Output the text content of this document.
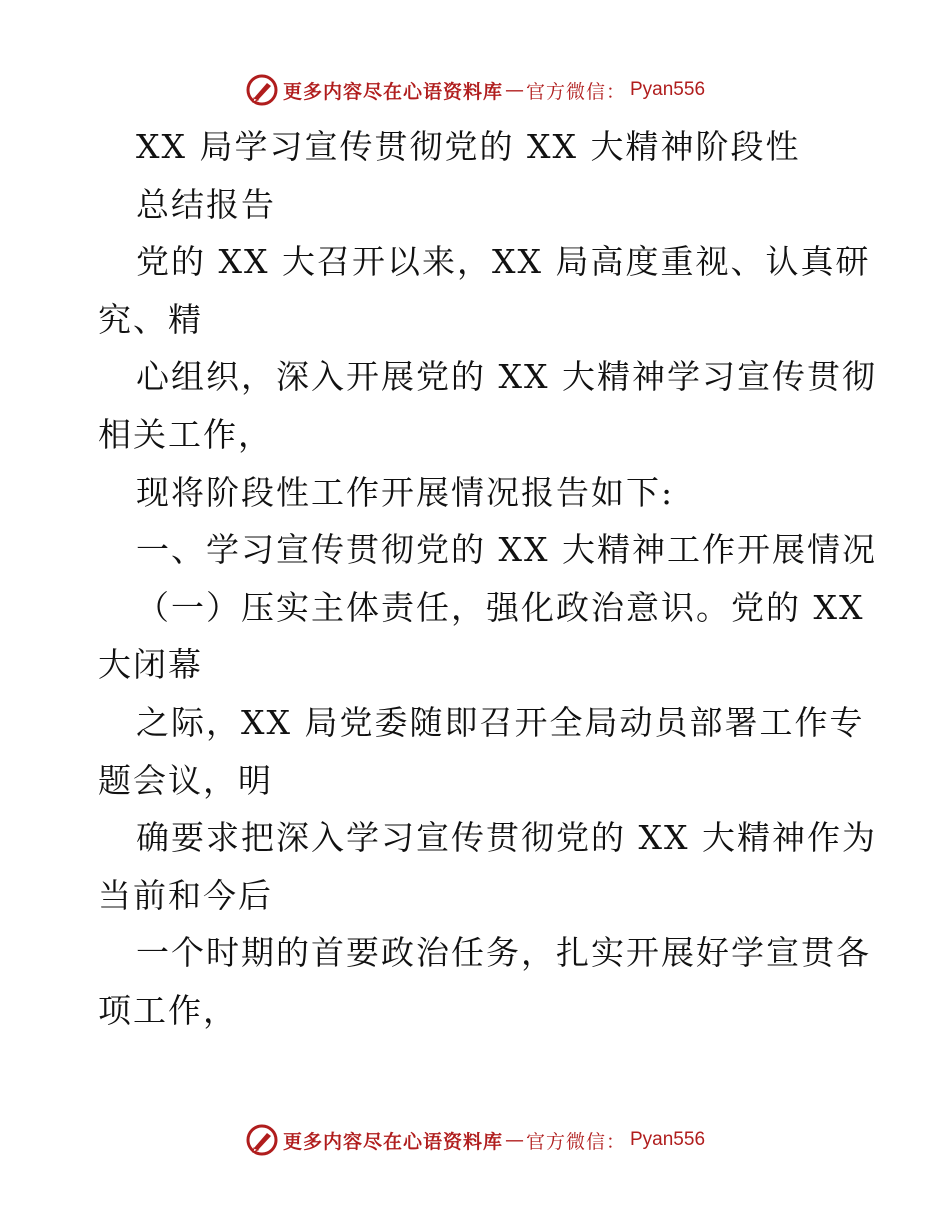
更多内容尽在心语资料库 — 官方微信： Pyan556
XX 局学习宣传贯彻党的 XX 大精神阶段性
总结报告
党的 XX 大召开以来，XX 局高度重视、认真研
究、精
心组织，深入开展党的 XX 大精神学习宣传贯彻
相关工作，
现将阶段性工作开展情况报告如下:
一、学习宣传贯彻党的 XX 大精神工作开展情况
（一）压实主体责任，强化政治意识。党的 XX
大闭幕
之际，XX 局党委随即召开全局动员部署工作专
题会议，明
确要求把深入学习宣传贯彻党的 XX 大精神作为
当前和今后
一个时期的首要政治任务，扎实开展好学宣贯各
项工作，
更多内容尽在心语资料库 — 官方微信： Pyan556
